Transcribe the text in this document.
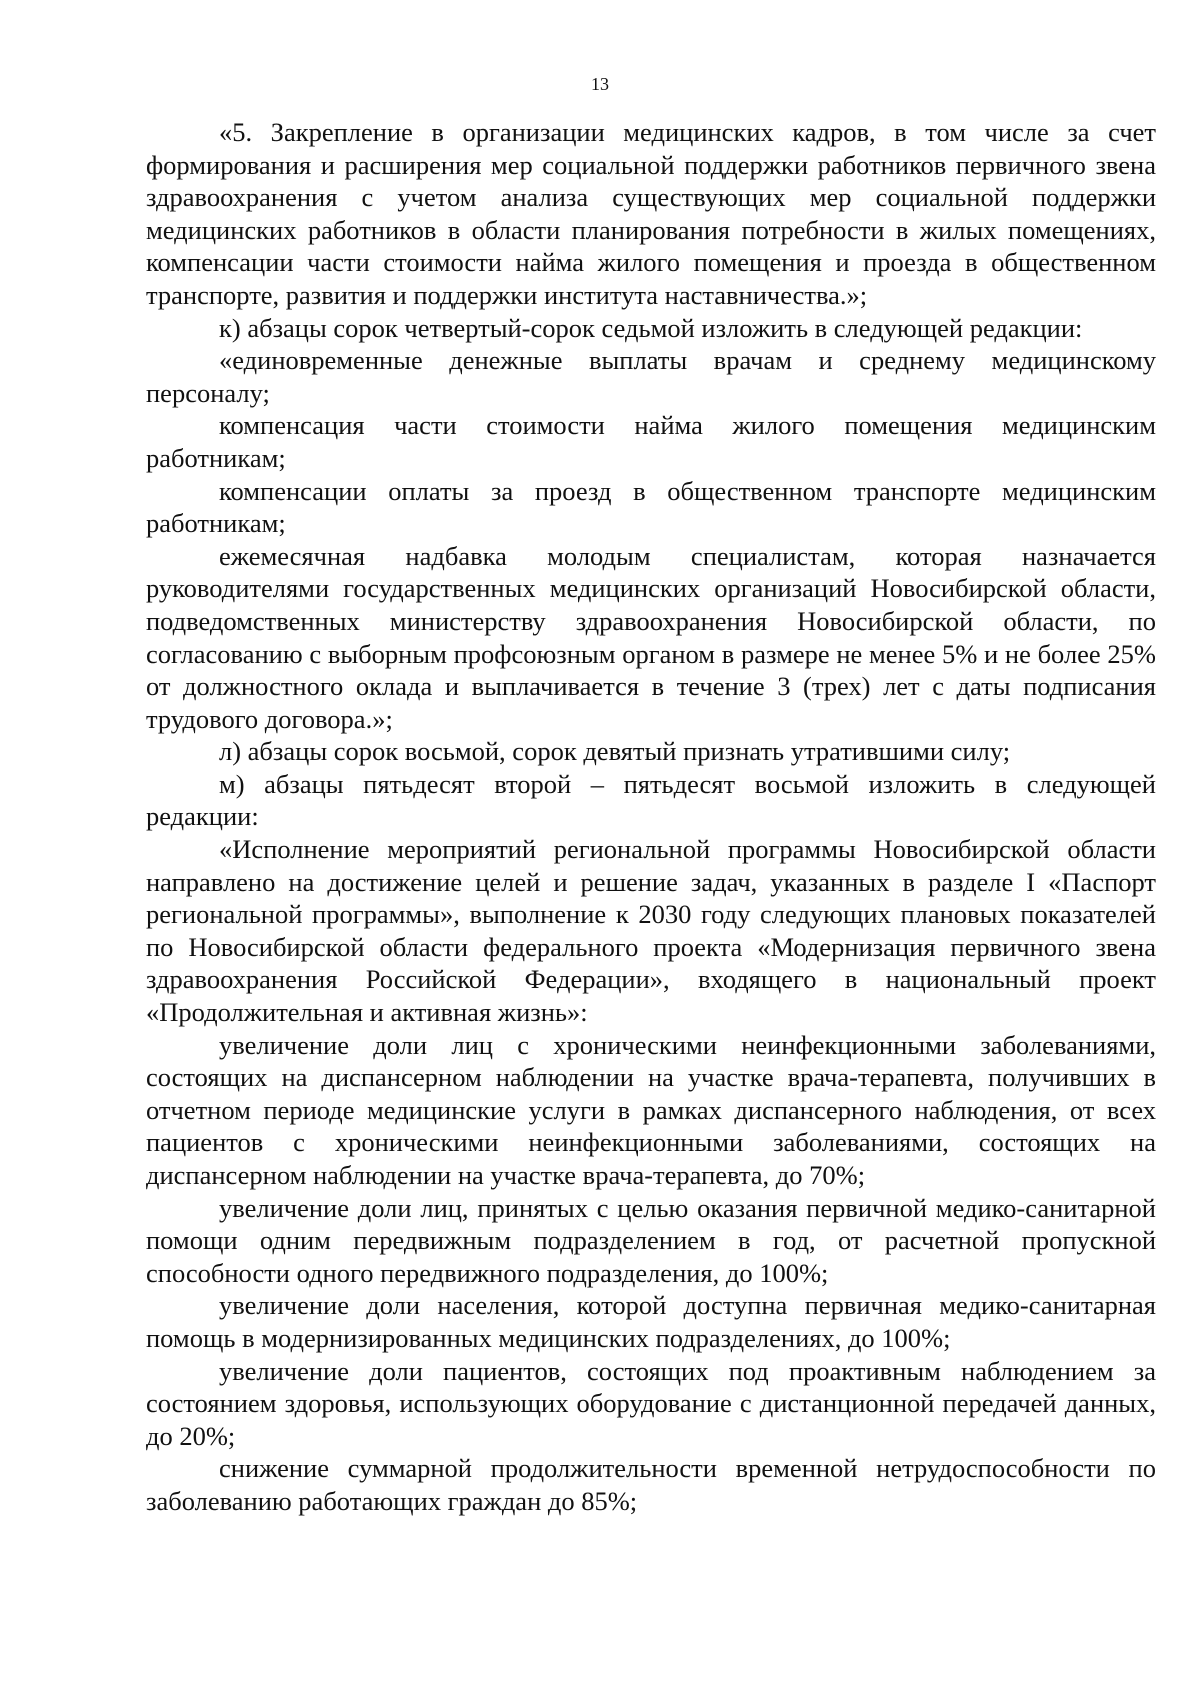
13

«5. Закрепление в организации медицинских кадров, в том числе за счет формирования и расширения мер социальной поддержки работников первичного звена здравоохранения с учетом анализа существующих мер социальной поддержки медицинских работников в области планирования потребности в жилых помещениях, компенсации части стоимости найма жилого помещения и проезда в общественном транспорте, развития и поддержки института наставничества.»;

к) абзацы сорок четвертый-сорок седьмой изложить в следующей редакции:

«единовременные денежные выплаты врачам и среднему медицинскому персоналу;

компенсация части стоимости найма жилого помещения медицинским работникам;

компенсации оплаты за проезд в общественном транспорте медицинским работникам;

ежемесячная надбавка молодым специалистам, которая назначается руководителями государственных медицинских организаций Новосибирской области, подведомственных министерству здравоохранения Новосибирской области, по согласованию с выборным профсоюзным органом в размере не менее 5% и не более 25% от должностного оклада и выплачивается в течение 3 (трех) лет с даты подписания трудового договора.»;

л) абзацы сорок восьмой, сорок девятый признать утратившими силу;

м) абзацы пятьдесят второй – пятьдесят восьмой изложить в следующей редакции:

«Исполнение мероприятий региональной программы Новосибирской области направлено на достижение целей и решение задач, указанных в разделе I «Паспорт региональной программы», выполнение к 2030 году следующих плановых показателей по Новосибирской области федерального проекта «Модернизация первичного звена здравоохранения Российской Федерации», входящего в национальный проект «Продолжительная и активная жизнь»:

увеличение доли лиц с хроническими неинфекционными заболеваниями, состоящих на диспансерном наблюдении на участке врача-терапевта, получивших в отчетном периоде медицинские услуги в рамках диспансерного наблюдения, от всех пациентов с хроническими неинфекционными заболеваниями, состоящих на диспансерном наблюдении на участке врача-терапевта, до 70%;

увеличение доли лиц, принятых с целью оказания первичной медико-санитарной помощи одним передвижным подразделением в год, от расчетной пропускной способности одного передвижного подразделения, до 100%;

увеличение доли населения, которой доступна первичная медико-санитарная помощь в модернизированных медицинских подразделениях, до 100%;

увеличение доли пациентов, состоящих под проактивным наблюдением за состоянием здоровья, использующих оборудование с дистанционной передачей данных, до 20%;

снижение суммарной продолжительности временной нетрудоспособности по заболеванию работающих граждан до 85%;
